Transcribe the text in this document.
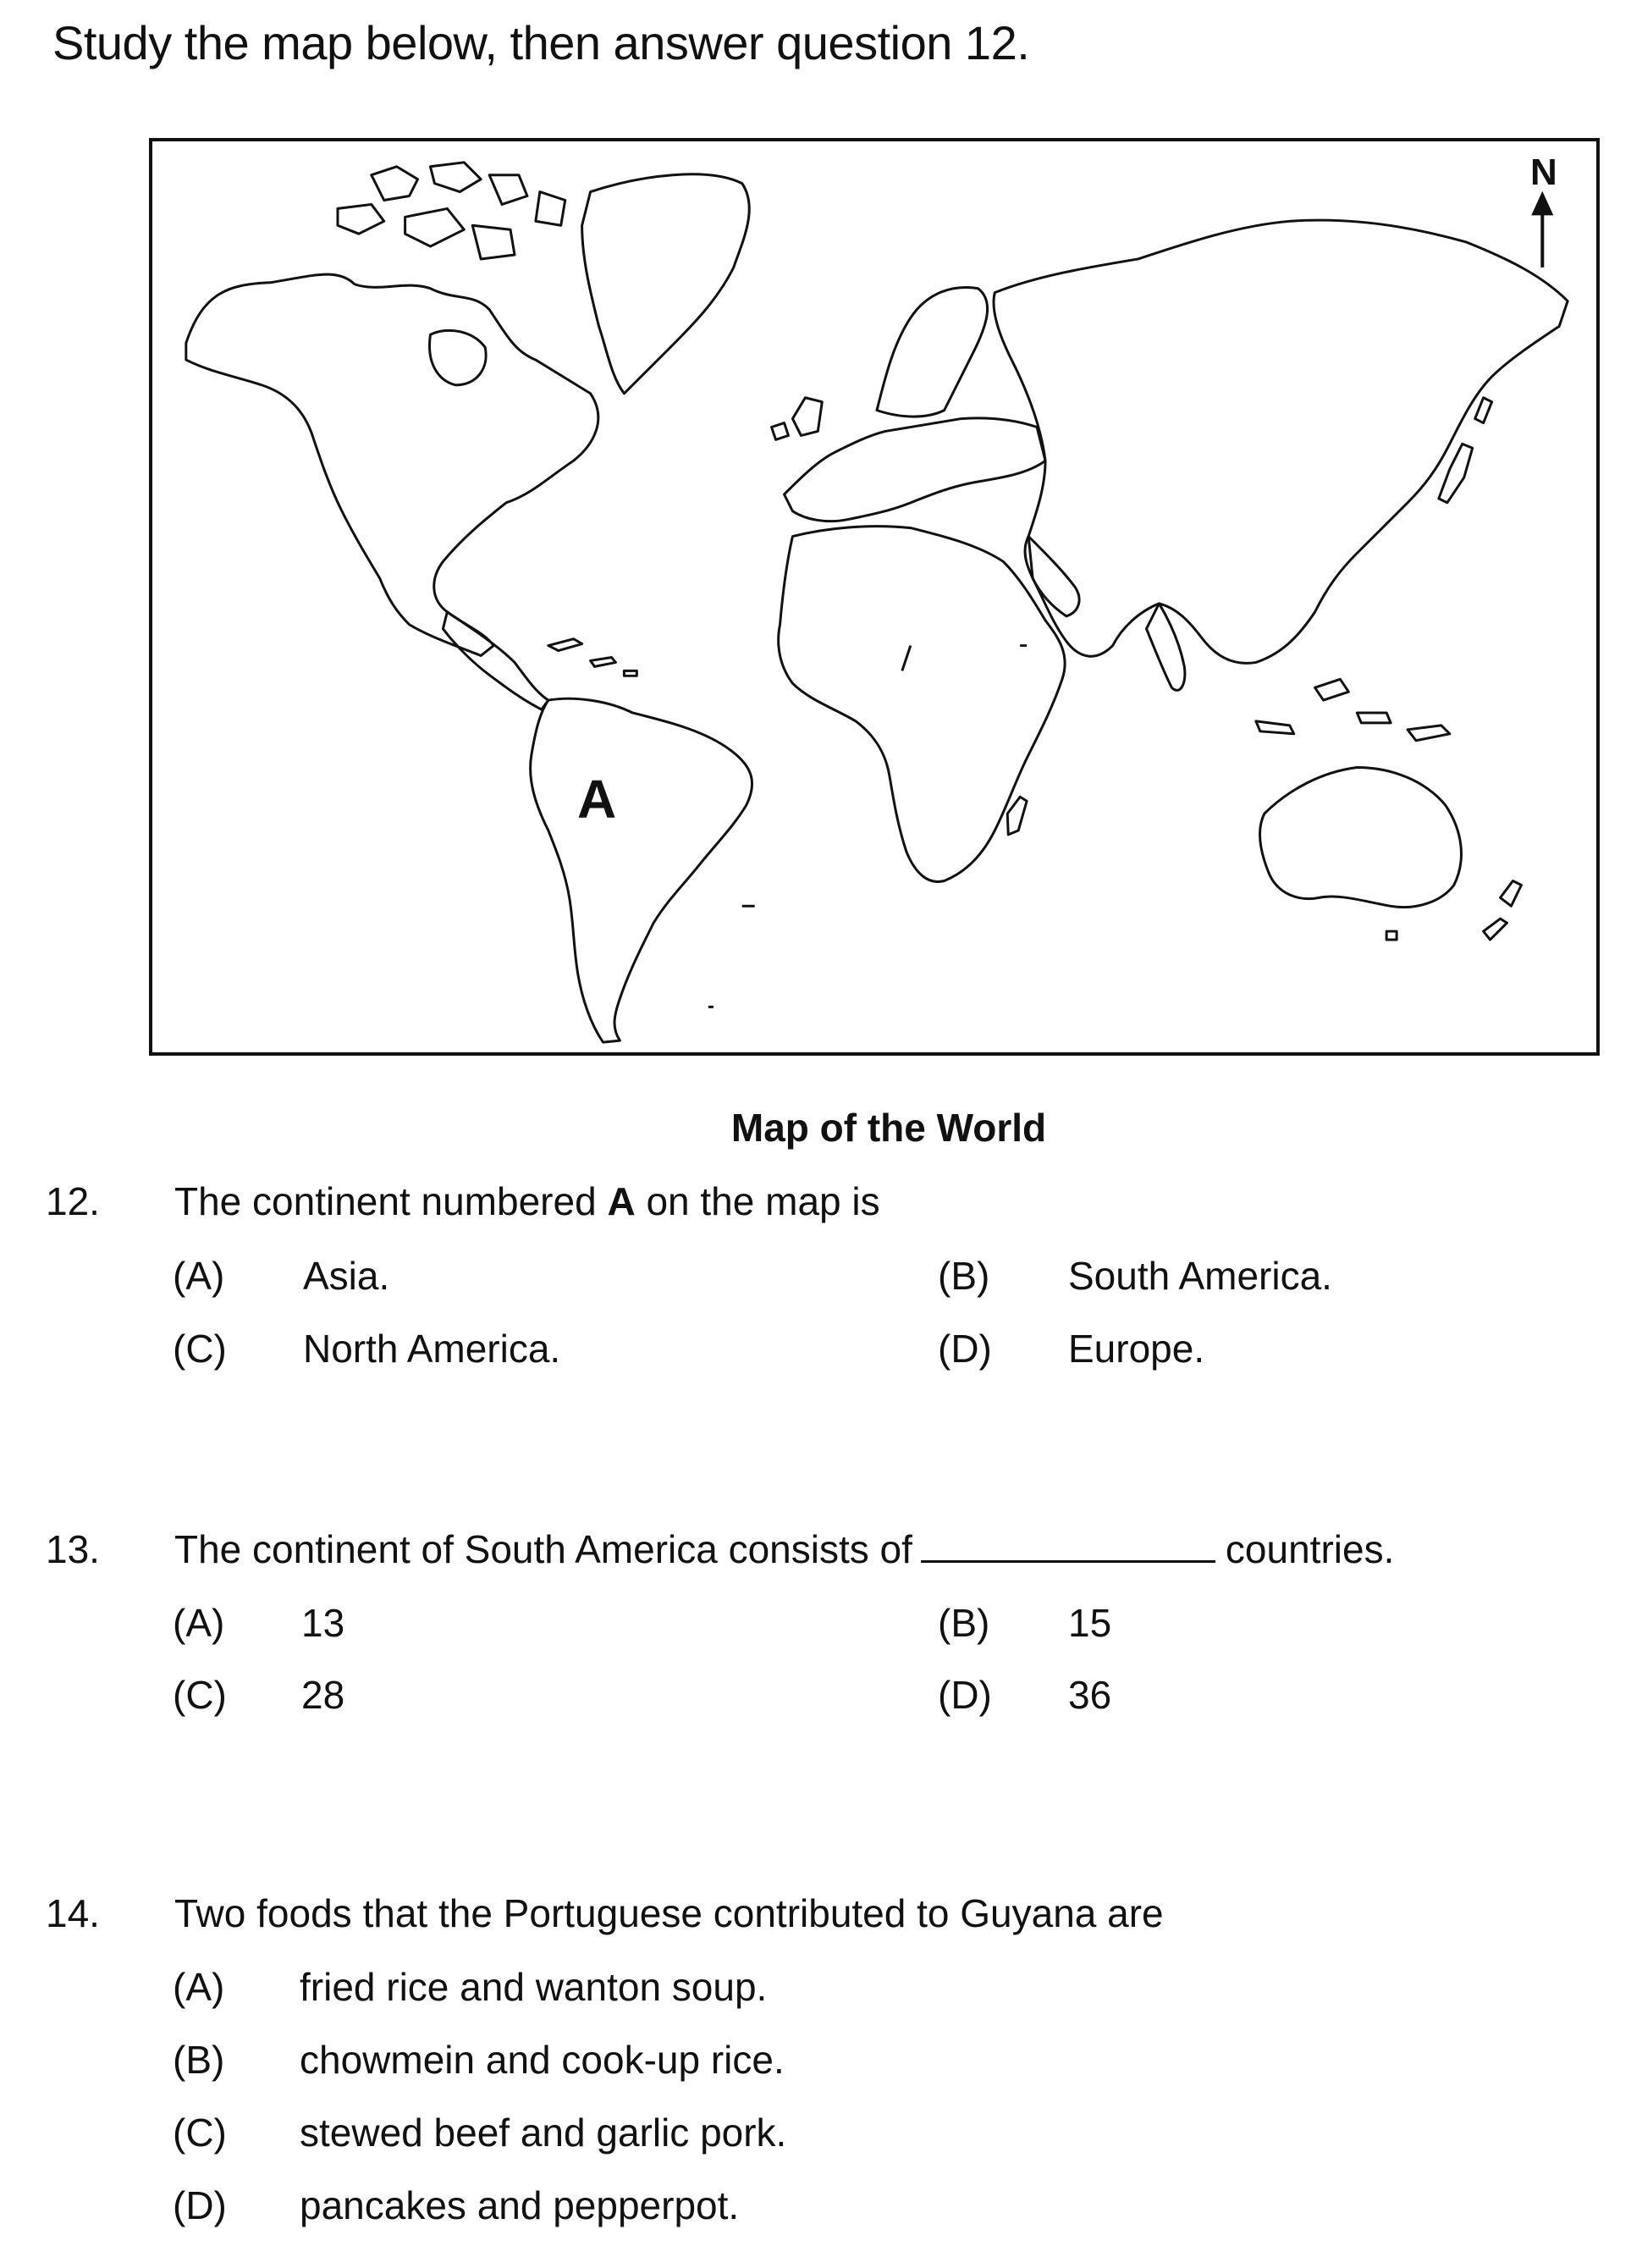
Study the map below, then answer question 12.
A
N
Map of the World
12. The continent numbered A on the map is
(A) Asia.	(B) South America.
(C) North America.	(D) Europe.
13. The continent of South America consists of	countries.
(A) 13	(B) 15
(C) 28	(D) 36
14. Two foods that the Portuguese contributed to Guyana are
(A) fried rice and wanton soup.
(B) chowmein and cook-up rice.
(C) stewed beef and garlic pork.
(D) pancakes and pepperpot.
